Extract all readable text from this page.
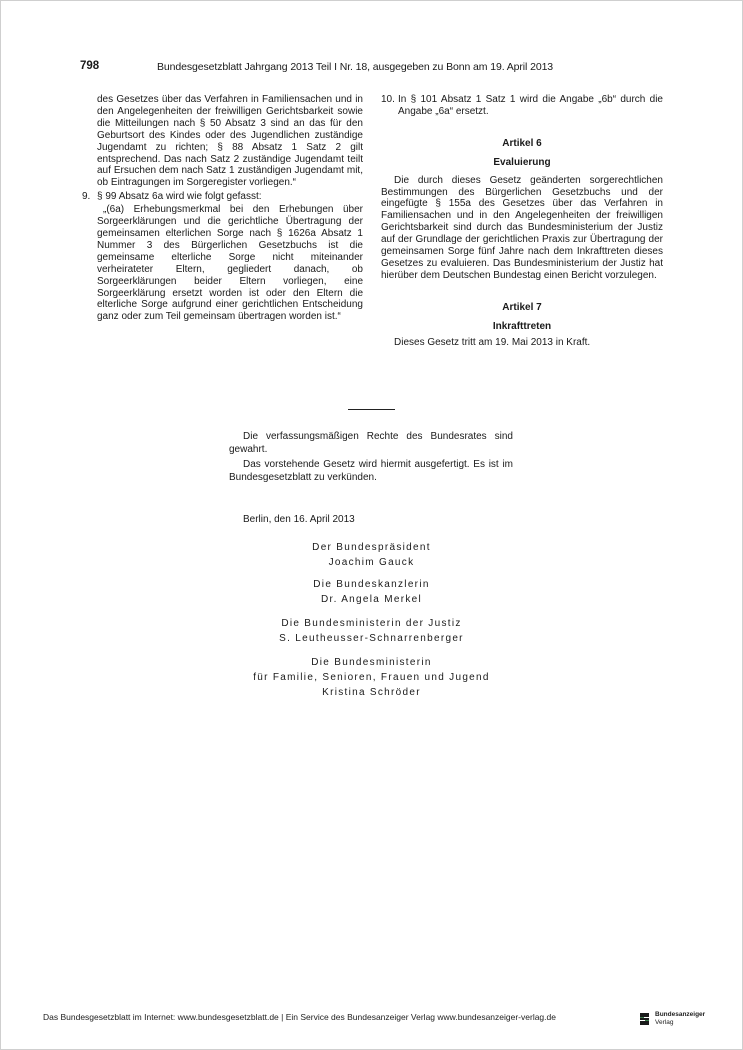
798	Bundesgesetzblatt Jahrgang 2013 Teil I Nr. 18, ausgegeben zu Bonn am 19. April 2013

des Gesetzes über das Verfahren in Familiensachen und in den Angelegenheiten der freiwilligen Gerichtsbarkeit sowie die Mitteilungen nach § 50 Absatz 3 sind an das für den Geburtsort des Kindes oder des Jugendlichen zuständige Jugendamt zu richten; § 88 Absatz 1 Satz 2 gilt entsprechend. Das nach Satz 2 zuständige Jugendamt teilt auf Ersuchen dem nach Satz 1 zuständigen Jugendamt mit, ob Eintragungen im Sorgeregister vorliegen.“

9. § 99 Absatz 6a wird wie folgt gefasst:

„(6a) Erhebungsmerkmal bei den Erhebungen über Sorgeerklärungen und die gerichtliche Übertragung der gemeinsamen elterlichen Sorge nach § 1626a Absatz 1 Nummer 3 des Bürgerlichen Gesetzbuchs ist die gemeinsame elterliche Sorge nicht miteinander verheirateter Eltern, gegliedert danach, ob Sorgeerklärungen beider Eltern vorliegen, eine Sorgeerklärung ersetzt worden ist oder den Eltern die elterliche Sorge aufgrund einer gerichtlichen Entscheidung ganz oder zum Teil gemeinsam übertragen worden ist.“

10. In § 101 Absatz 1 Satz 1 wird die Angabe „6b“ durch die Angabe „6a“ ersetzt.

Artikel 6
Evaluierung

Die durch dieses Gesetz geänderten sorgerechtlichen Bestimmungen des Bürgerlichen Gesetzbuchs und der eingefügte § 155a des Gesetzes über das Verfahren in Familiensachen und in den Angelegenheiten der freiwilligen Gerichtsbarkeit sind durch das Bundesministerium der Justiz auf der Grundlage der gerichtlichen Praxis zur Übertragung der gemeinsamen Sorge fünf Jahre nach dem Inkrafttreten dieses Gesetzes zu evaluieren. Das Bundesministerium der Justiz hat hierüber dem Deutschen Bundestag einen Bericht vorzulegen.

Artikel 7
Inkrafttreten

Dieses Gesetz tritt am 19. Mai 2013 in Kraft.

Die verfassungsmäßigen Rechte des Bundesrates sind gewahrt.

Das vorstehende Gesetz wird hiermit ausgefertigt. Es ist im Bundesgesetzblatt zu verkünden.

Berlin, den 16. April 2013
Der Bundespräsident
Joachim Gauck
Die Bundeskanzlerin
Dr. Angela Merkel
Die Bundesministerin der Justiz
S. Leutheusser-Schnarrenberger
Die Bundesministerin
für Familie, Senioren, Frauen und Jugend
Kristina Schröder
Das Bundesgesetzblatt im Internet: www.bundesgesetzblatt.de | Ein Service des Bundesanzeiger Verlag www.bundesanzeiger-verlag.de	Bundesanzeiger
Verlag
